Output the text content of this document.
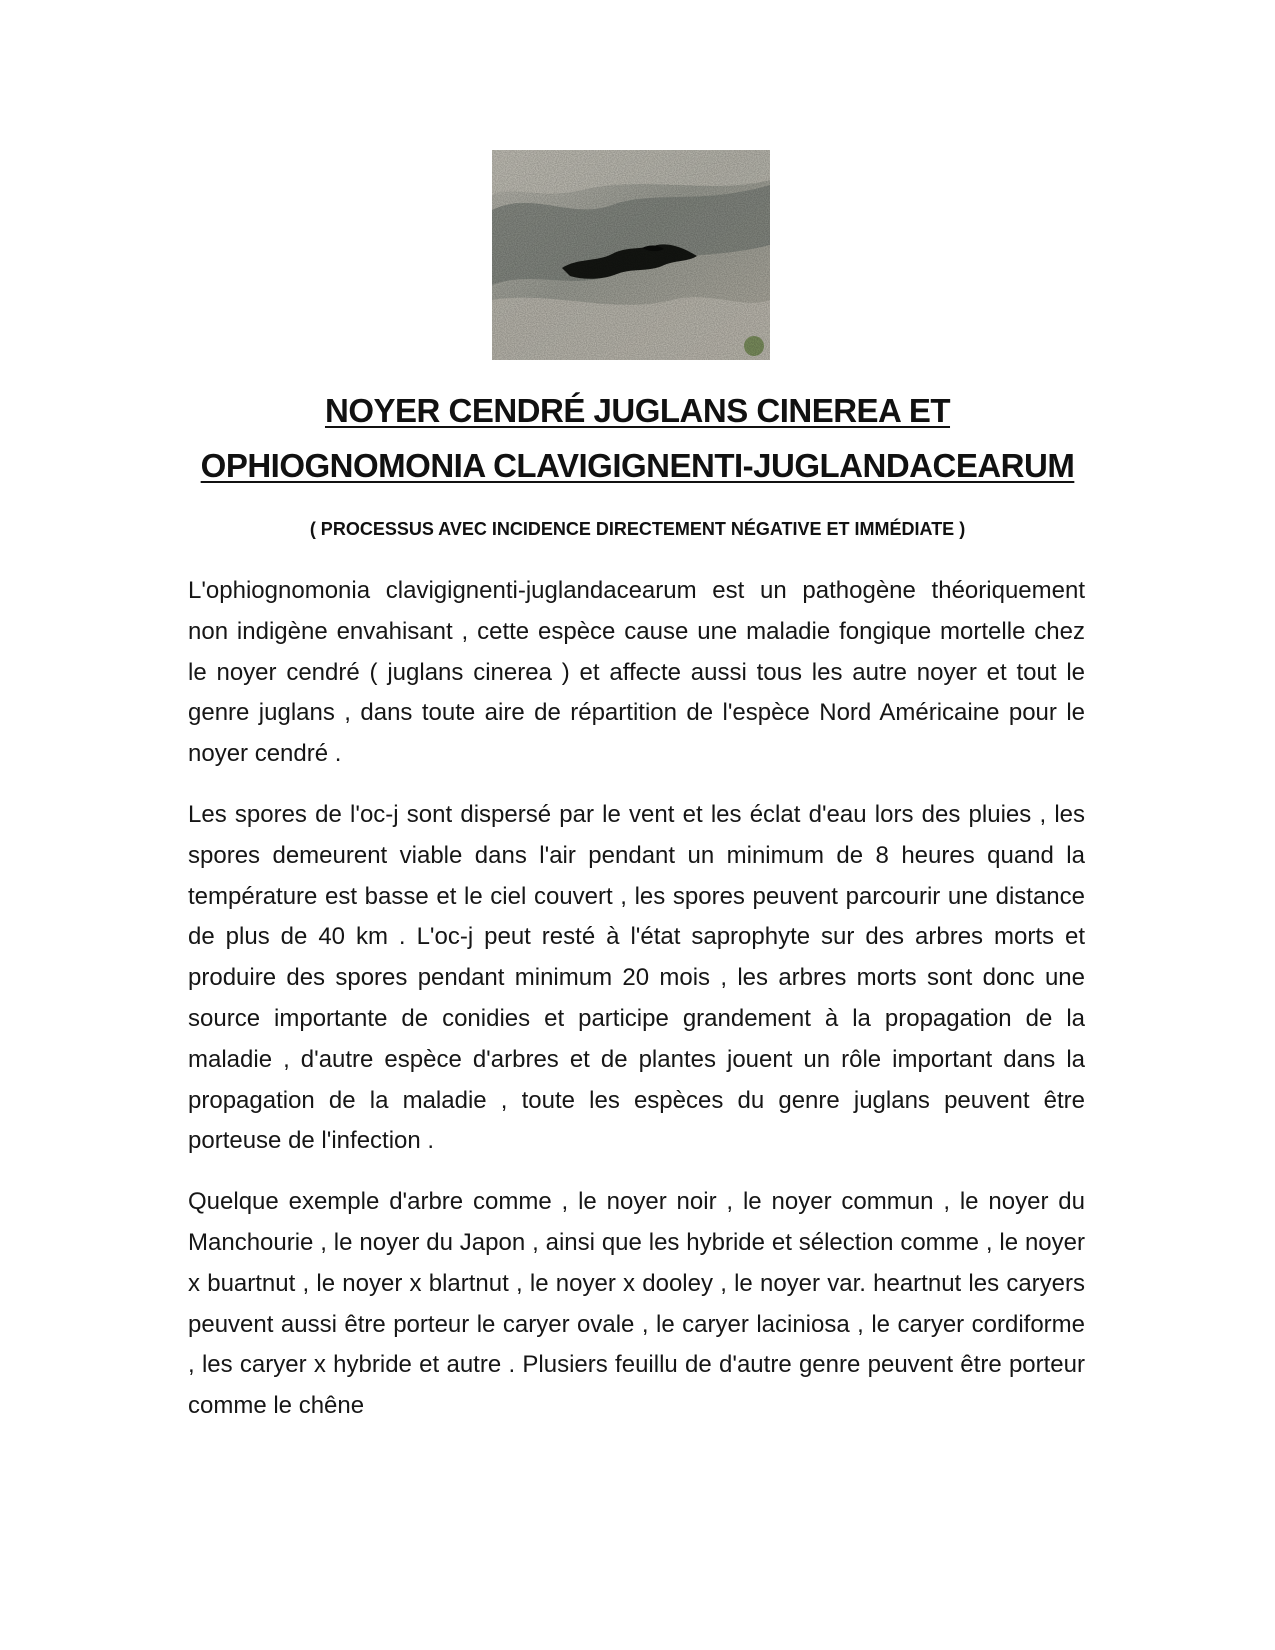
NOYER CENDRÉ JUGLANS CINEREA ET
OPHIOGNOMONIA CLAVIGIGNENTI-JUGLANDACEARUM
( PROCESSUS AVEC INCIDENCE DIRECTEMENT NÉGATIVE ET IMMÉDIATE )

L'ophiognomonia clavigignenti-juglandacearum est un pathogène théoriquement non indigène envahisant , cette espèce cause une maladie fongique mortelle chez le noyer cendré ( juglans cinerea ) et affecte aussi tous les autre noyer et tout le genre juglans , dans toute aire de répartition de l'espèce Nord Américaine pour le noyer cendré .

Les spores de l'oc-j sont dispersé par le vent et les éclat d'eau lors des pluies , les spores demeurent viable dans l'air pendant un minimum de 8 heures quand la température est basse et le ciel couvert , les spores peuvent parcourir une distance de plus de 40 km . L'oc-j peut resté à l'état saprophyte sur des arbres morts et produire des spores pendant minimum 20 mois , les arbres morts sont donc une source importante de conidies et participe grandement à la propagation de la maladie , d'autre espèce d'arbres et de plantes jouent un rôle important dans la propagation de la maladie , toute les espèces du genre juglans peuvent être porteuse de l'infection .

Quelque exemple d'arbre comme , le noyer noir , le noyer commun , le noyer du Manchourie , le noyer du Japon , ainsi que les hybride et sélection comme , le noyer x buartnut , le noyer x blartnut , le noyer x dooley , le noyer var. heartnut les caryers peuvent aussi être porteur le caryer ovale , le caryer laciniosa , le caryer cordiforme , les caryer x hybride et autre . Plusiers feuillu de d'autre genre peuvent être porteur comme le chêne
